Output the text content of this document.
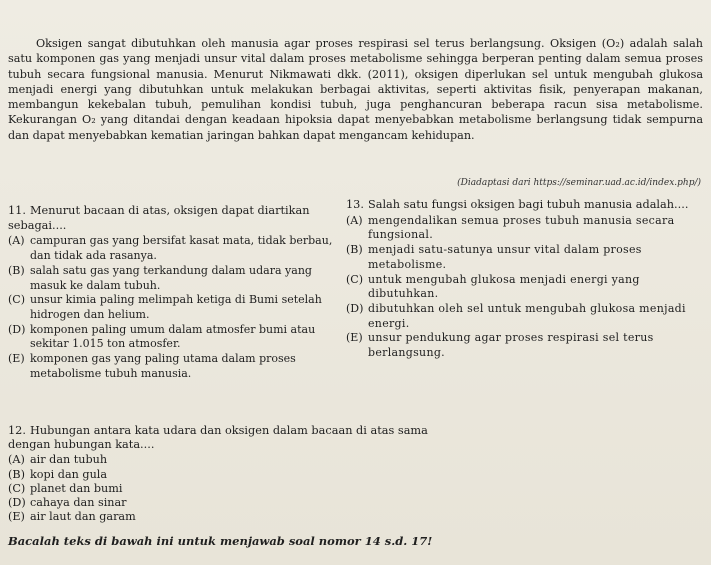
Oksigen sangat dibutuhkan oleh manusia agar proses respirasi sel terus berlangsung. Oksigen (O₂) adalah salah satu komponen gas yang menjadi unsur vital dalam proses metabolisme sehingga berperan penting dalam semua proses tubuh secara fungsional manusia. Menurut Nikmawati dkk. (2011), oksigen diperlukan sel untuk mengubah glukosa menjadi energi yang dibutuhkan untuk melakukan berbagai aktivitas, seperti aktivitas fisik, penyerapan makanan, membangun kekebalan tubuh, pemulihan kondisi tubuh, juga penghancuran beberapa racun sisa metabolisme. Kekurangan O₂ yang ditandai dengan keadaan hipoksia dapat menyebabkan metabolisme berlangsung tidak sempurna dan dapat menyebabkan kematian jaringan bahkan dapat mengancam kehidupan.

(Diadaptasi dari https://seminar.uad.ac.id/index.php/)

11. Menurut bacaan di atas, oksigen dapat diartikan sebagai....

(A) campuran gas yang bersifat kasat mata, tidak berbau, dan tidak ada rasanya.
(B) salah satu gas yang terkandung dalam udara yang masuk ke dalam tubuh.
(C) unsur kimia paling melimpah ketiga di Bumi setelah hidrogen dan helium.
(D) komponen paling umum dalam atmosfer bumi atau sekitar 1.015 ton atmosfer.
(E) komponen gas yang paling utama dalam proses metabolisme tubuh manusia.

13. Salah satu fungsi oksigen bagi tubuh manusia adalah....

(A) mengendalikan semua proses tubuh manusia secara fungsional.
(B) menjadi satu-satunya unsur vital dalam proses metabolisme.
(C) untuk mengubah glukosa menjadi energi yang dibutuhkan.
(D) dibutuhkan oleh sel untuk mengubah glukosa menjadi energi.
(E) unsur pendukung agar proses respirasi sel terus berlangsung.

12. Hubungan antara kata udara dan oksigen dalam bacaan di atas sama dengan hubungan kata....

(A) air dan tubuh
(B) kopi dan gula
(C) planet dan bumi
(D) cahaya dan sinar
(E) air laut dan garam
Bacalah teks di bawah ini untuk menjawab soal nomor 14 s.d. 17!
